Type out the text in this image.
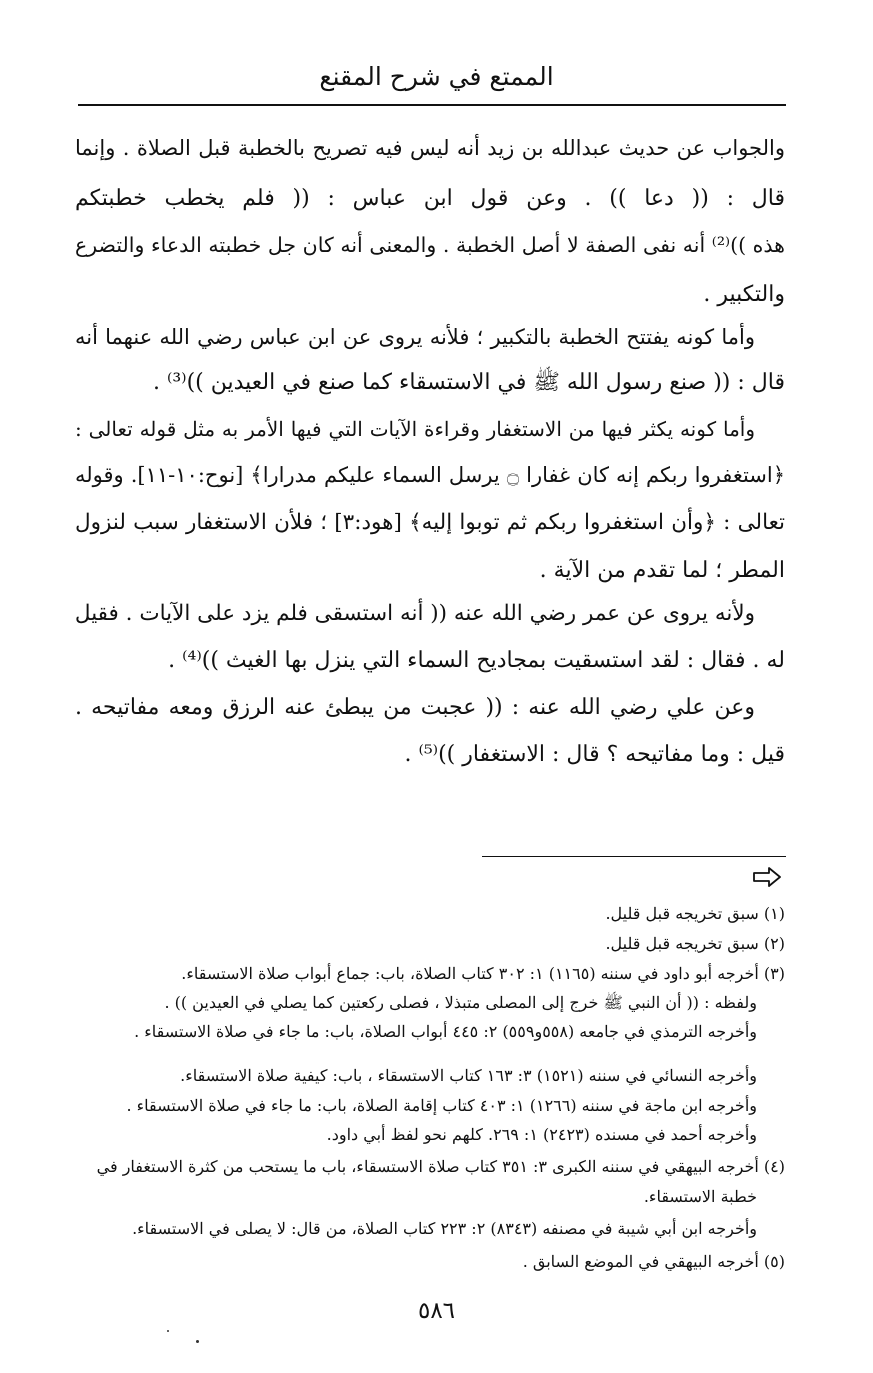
الممتع في شرح المقنع
والجواب عن حديث عبدالله بن زيد أنه ليس فيه تصريح بالخطبة قبل الصلاة . وإنما
قال : (( دعا )) . وعن قول ابن عباس : (( فلم يخطب خطبتكم
هذه ))⁽²⁾ أنه نفى الصفة لا أصل الخطبة . والمعنى أنه كان جل خطبته الدعاء والتضرع
والتكبير .
وأما كونه يفتتح الخطبة بالتكبير ؛ فلأنه يروى عن ابن عباس رضي الله عنهما أنه
قال : (( صنع رسول الله ﷺ في الاستسقاء كما صنع في العيدين ))⁽³⁾ .
وأما كونه يكثر فيها من الاستغفار وقراءة الآيات التي فيها الأمر به مثل قوله تعالى :
﴿استغفروا ربكم إنه كان غفارا ۝ يرسل السماء عليكم مدرارا﴾ [نوح:١٠-١١]. وقوله
تعالى : ﴿وأن استغفروا ربكم ثم توبوا إليه﴾ [هود:٣] ؛ فلأن الاستغفار سبب لنزول
المطر ؛ لما تقدم من الآية .
ولأنه يروى عن عمر رضي الله عنه (( أنه استسقى فلم يزد على الآيات . فقيل
له . فقال : لقد استسقيت بمجاديح السماء التي ينزل بها الغيث ))⁽⁴⁾ .
وعن علي رضي الله عنه : (( عجبت من يبطئ عنه الرزق ومعه مفاتيحه .
قيل : وما مفاتيحه ؟ قال : الاستغفار ))⁽⁵⁾ .
(١) سبق تخريجه قبل قليل.
(٢) سبق تخريجه قبل قليل.
(٣) أخرجه أبو داود في سننه (١١٦٥) ١: ٣٠٢ كتاب الصلاة، باب: جماع أبواب صلاة الاستسقاء.
ولفظه : (( أن النبي ﷺ خرج إلى المصلى متبذلا ، فصلى ركعتين كما يصلي في العيدين )) .
وأخرجه الترمذي في جامعه (٥٥٨و٥٥٩) ٢: ٤٤٥ أبواب الصلاة، باب: ما جاء في صلاة الاستسقاء .
وأخرجه النسائي في سننه (١٥٢١) ٣: ١٦٣ كتاب الاستسقاء ، باب: كيفية صلاة الاستسقاء.
وأخرجه ابن ماجة في سننه (١٢٦٦) ١: ٤٠٣ كتاب إقامة الصلاة، باب: ما جاء في صلاة الاستسقاء .
وأخرجه أحمد في مسنده (٢٤٢٣) ١: ٢٦٩. كلهم نحو لفظ أبي داود.
(٤) أخرجه البيهقي في سننه الكبرى ٣: ٣٥١ كتاب صلاة الاستسقاء، باب ما يستحب من كثرة الاستغفار في
خطبة الاستسقاء.
وأخرجه ابن أبي شيبة في مصنفه (٨٣٤٣) ٢: ٢٢٣ كتاب الصلاة، من قال: لا يصلى في الاستسقاء.
(٥) أخرجه البيهقي في الموضع السابق .
٥٨٦
